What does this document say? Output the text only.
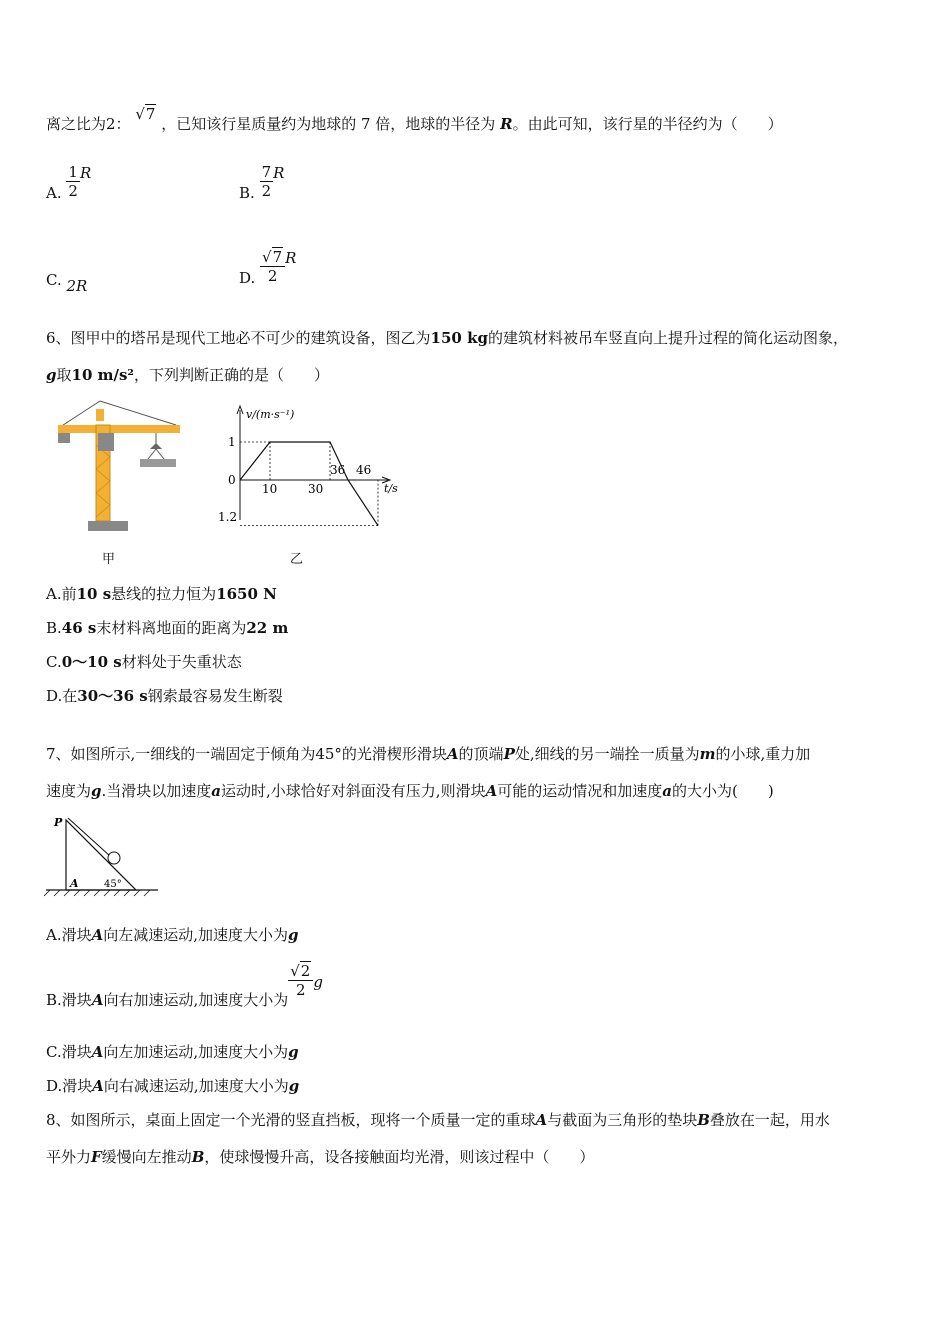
离之比为2： √7 ，已知该行星质量约为地球的 7 倍，地球的半径为 R。由此可知，该行星的半径约为（　　）
A. $\frac{1}{2}$ R
B. $\frac{7}{2}$ R
C. 2R	D. $\frac{√7}{2}$ R
6、图甲中的塔吊是现代工地必不可少的建筑设备，图乙为150 kg的建筑材料被吊车竖直向上提升过程的简化运动图象，
g取10 m/s²，下列判断正确的是（　　）
甲
v/(m·s⁻¹)
t/s
1
0
1.2
10	30
36 46
乙
A.前10 s悬线的拉力恒为1650 N
B.46 s末材料离地面的距离为22 m
C.0～10 s材料处于失重状态
D.在30～36 s钢索最容易发生断裂
7、如图所示,一细线的一端固定于倾角为45°的光滑楔形滑块A的顶端P处,细线的另一端拴一质量为m的小球,重力加
速度为g.当滑块以加速度a运动时,小球恰好对斜面没有压力,则滑块A可能的运动情况和加速度a的大小为(　　)
P
A	45°
A.滑块A向左减速运动,加速度大小为g
B.滑块A向右加速运动,加速度大小为
$\frac{√2}{2}$ g
C.滑块A向左加速运动,加速度大小为g
D.滑块A向右减速运动,加速度大小为g
8、如图所示，桌面上固定一个光滑的竖直挡板，现将一个质量一定的重球A与截面为三角形的垫块B叠放在一起，用水
平外力F缓慢向左推动B，使球慢慢升高，设各接触面均光滑，则该过程中（　　）
